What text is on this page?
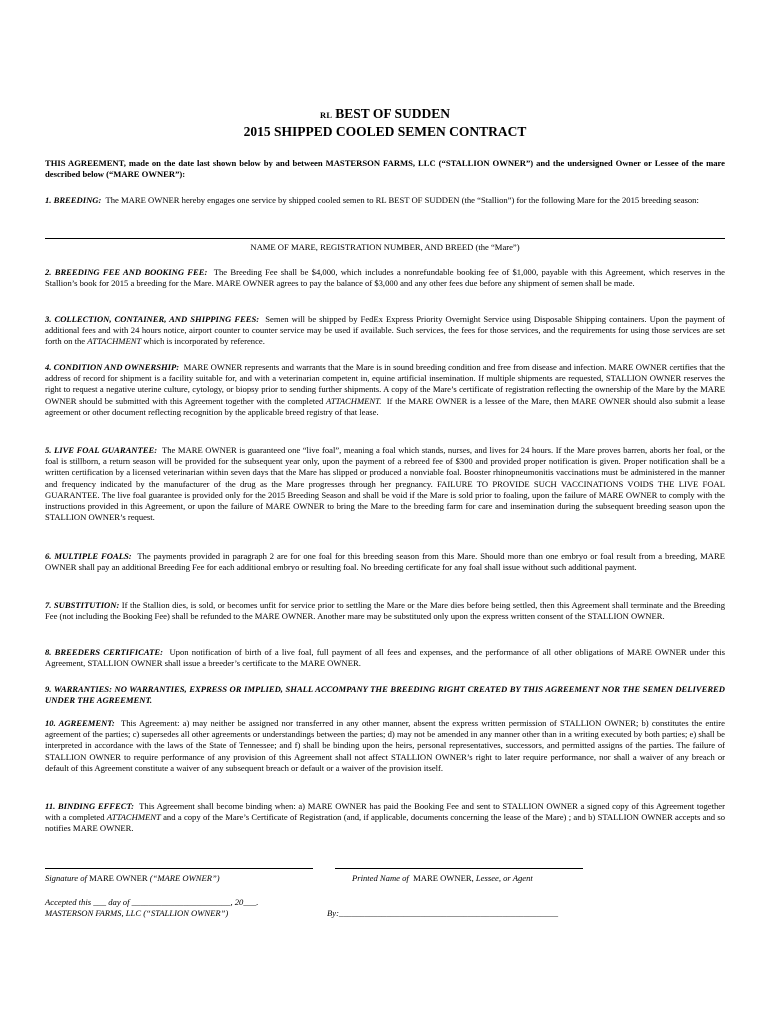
RL BEST OF SUDDEN
2015 SHIPPED COOLED SEMEN CONTRACT
THIS AGREEMENT, made on the date last shown below by and between MASTERSON FARMS, LLC (“STALLION OWNER”) and the undersigned Owner or Lessee of the mare described below (“MARE OWNER”):
1. BREEDING: The MARE OWNER hereby engages one service by shipped cooled semen to RL BEST OF SUDDEN (the “Stallion”) for the following Mare for the 2015 breeding season:
NAME OF MARE, REGISTRATION NUMBER, AND BREED (the “Mare”)
2. BREEDING FEE AND BOOKING FEE: The Breeding Fee shall be $4,000, which includes a nonrefundable booking fee of $1,000, payable with this Agreement, which reserves in the Stallion’s book for 2015 a breeding for the Mare. MARE OWNER agrees to pay the balance of $3,000 and any other fees due before any shipment of semen shall be made.
3. COLLECTION, CONTAINER, AND SHIPPING FEES: Semen will be shipped by FedEx Express Priority Overnight Service using Disposable Shipping containers. Upon the payment of additional fees and with 24 hours notice, airport counter to counter service may be used if available. Such services, the fees for those services, and the requirements for using those services are set forth on the ATTACHMENT which is incorporated by reference.
4. CONDITION AND OWNERSHIP: MARE OWNER represents and warrants that the Mare is in sound breeding condition and free from disease and infection. MARE OWNER certifies that the address of record for shipment is a facility suitable for, and with a veterinarian competent in, equine artificial insemination. If multiple shipments are requested, STALLION OWNER reserves the right to request a negative uterine culture, cytology, or biopsy prior to sending further shipments. A copy of the Mare’s certificate of registration reflecting the ownership of the Mare by the MARE OWNER should be submitted with this Agreement together with the completed ATTACHMENT. If the MARE OWNER is a lessee of the Mare, then MARE OWNER should also submit a lease agreement or other document reflecting recognition by the applicable breed registry of that lease.
5. LIVE FOAL GUARANTEE: The MARE OWNER is guaranteed one “live foal”, meaning a foal which stands, nurses, and lives for 24 hours. If the Mare proves barren, aborts her foal, or the foal is stillborn, a return season will be provided for the subsequent year only, upon the payment of a rebreed fee of $300 and provided proper notification is given. Proper notification shall be a written certification by a licensed veterinarian within seven days that the Mare has slipped or produced a nonviable foal. Booster rhinopneumonitis vaccinations must be administered in the manner and frequency indicated by the manufacturer of the drug as the Mare progresses through her pregnancy. FAILURE TO PROVIDE SUCH VACCINATIONS VOIDS THE LIVE FOAL GUARANTEE. The live foal guarantee is provided only for the 2015 Breeding Season and shall be void if the Mare is sold prior to foaling, upon the failure of MARE OWNER to comply with the instructions provided in this Agreement, or upon the failure of MARE OWNER to bring the Mare to the breeding farm for care and insemination during the subsequent breeding season upon the STALLION OWNER’s request.
6. MULTIPLE FOALS: The payments provided in paragraph 2 are for one foal for this breeding season from this Mare. Should more than one embryo or foal result from a breeding, MARE OWNER shall pay an additional Breeding Fee for each additional embryo or resulting foal. No breeding certificate for any foal shall issue without such additional payment.
7. SUBSTITUTION: If the Stallion dies, is sold, or becomes unfit for service prior to settling the Mare or the Mare dies before being settled, then this Agreement shall terminate and the Breeding Fee (not including the Booking Fee) shall be refunded to the MARE OWNER. Another mare may be substituted only upon the express written consent of the STALLION OWNER.
8. BREEDERS CERTIFICATE: Upon notification of birth of a live foal, full payment of all fees and expenses, and the performance of all other obligations of MARE OWNER under this Agreement, STALLION OWNER shall issue a breeder’s certificate to the MARE OWNER.
9. WARRANTIES: NO WARRANTIES, EXPRESS OR IMPLIED, SHALL ACCOMPANY THE BREEDING RIGHT CREATED BY THIS AGREEMENT NOR THE SEMEN DELIVERED UNDER THE AGREEMENT.
10. AGREEMENT: This Agreement: a) may neither be assigned nor transferred in any other manner, absent the express written permission of STALLION OWNER; b) constitutes the entire agreement of the parties; c) supersedes all other agreements or understandings between the parties; d) may not be amended in any manner other than in a writing executed by both parties; e) shall be interpreted in accordance with the laws of the State of Tennessee; and f) shall be binding upon the heirs, personal representatives, successors, and permitted assigns of the parties. The failure of STALLION OWNER to require performance of any provision of this Agreement shall not affect STALLION OWNER’s right to later require performance, nor shall a waiver of any breach or default of this Agreement constitute a waiver of any subsequent breach or default or a waiver of the provision itself.
11. BINDING EFFECT: This Agreement shall become binding when: a) MARE OWNER has paid the Booking Fee and sent to STALLION OWNER a signed copy of this Agreement together with a completed ATTACHMENT and a copy of the Mare’s Certificate of Registration (and, if applicable, documents concerning the lease of the Mare) ; and b) STALLION OWNER accepts and so notifies MARE OWNER.
Signature of MARE OWNER (“MARE OWNER”)	Printed Name of MARE OWNER, Lessee, or Agent
Accepted this ___ day of _______________________, 20___.
MASTERSON FARMS, LLC (“STALLION OWNER”)	By:___________________________________________________
